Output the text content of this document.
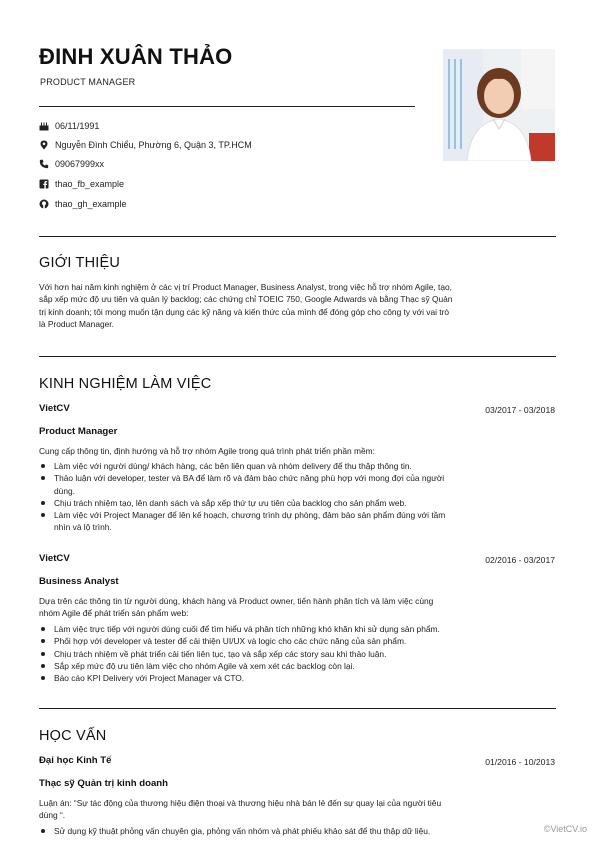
ĐINH XUÂN THẢO
PRODUCT MANAGER
06/11/1991
Nguyễn Đình Chiểu, Phường 6, Quận 3, TP.HCM
09067999xx
thao_fb_example
thao_gh_example
GIỚI THIỆU
Với hơn hai năm kinh nghiệm ở các vị trí Product Manager, Business Analyst, trong việc hỗ trợ nhóm Agile, tạo,
sắp xếp mức độ ưu tiên và quản lý backlog; các chứng chỉ TOEIC 750, Google Adwards và bằng Thạc sỹ Quản
trị kinh doanh; tôi mong muốn tận dụng các kỹ năng và kiến thức của mình để đóng góp cho công ty với vai trò
là Product Manager.
KINH NGHIỆM LÀM VIỆC
VietCV	03/2017 - 03/2018
Product Manager
Cung cấp thông tin, định hướng và hỗ trợ nhóm Agile trong quá trình phát triển phần mềm:
Làm việc với người dùng/ khách hàng, các bên liên quan và nhóm delivery để thu thập thông tin.
Thảo luận với developer, tester và BA để làm rõ và đảm bảo chức năng phù hợp với mong đợi của người
dùng.
Chịu trách nhiệm tạo, lên danh sách và sắp xếp thứ tự ưu tiên của backlog cho sản phẩm web.
Làm việc với Project Manager để lên kế hoạch, chương trình dự phòng, đảm bảo sản phẩm đúng với tầm
nhìn và lộ trình.
VietCV	02/2016 - 03/2017
Business Analyst
Dựa trên các thông tin từ người dùng, khách hàng và Product owner, tiến hành phân tích và làm việc cùng
nhóm Agile để phát triển sản phẩm web:
Làm việc trực tiếp với người dùng cuối để tìm hiểu và phân tích những khó khăn khi sử dụng sản phẩm.
Phối hợp với developer và tester để cải thiện UI/UX và logic cho các chức năng của sản phẩm.
Chịu trách nhiệm về phát triển cải tiến liên tục, tạo và sắp xếp các story sau khi thảo luận.
Sắp xếp mức độ ưu tiên làm việc cho nhóm Agile và xem xét các backlog còn lại.
Báo cáo KPI Delivery với Project Manager và CTO.
HỌC VẤN
Đại học Kinh Tế	01/2016 - 10/2013
Thạc sỹ Quản trị kinh doanh
Luận án: “Sự tác động của thương hiệu điện thoại và thương hiệu nhà bán lẻ đến sự quay lại của người tiêu
dùng “.
Sử dụng kỹ thuật phỏng vấn chuyên gia, phỏng vấn nhóm và phát phiếu khảo sát để thu thập dữ liệu.	©VietCV.io
